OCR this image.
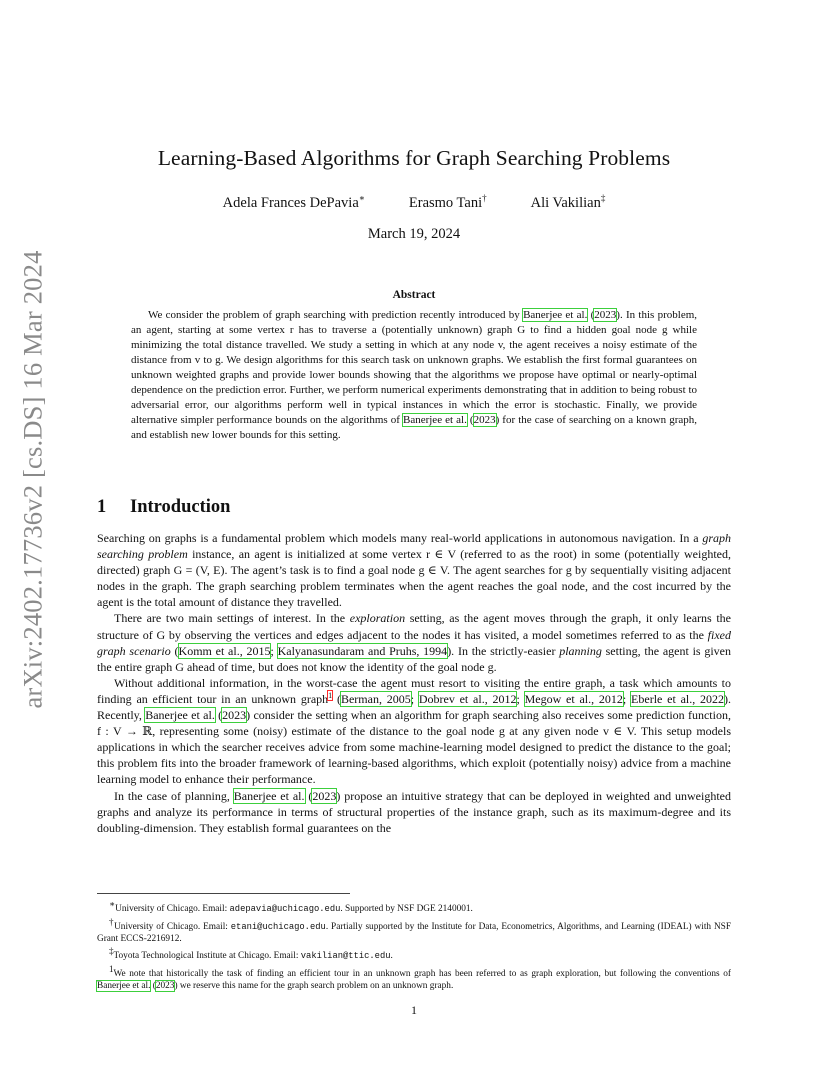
arXiv:2402.17736v2 [cs.DS] 16 Mar 2024
Learning-Based Algorithms for Graph Searching Problems
Adela Frances DePavia∗	Erasmo Tani†	Ali Vakilian‡
March 19, 2024
Abstract

We consider the problem of graph searching with prediction recently introduced by Banerjee et al. (2023). In this problem, an agent, starting at some vertex r has to traverse a (potentially unknown) graph G to find a hidden goal node g while minimizing the total distance travelled. We study a setting in which at any node v, the agent receives a noisy estimate of the distance from v to g. We design algorithms for this search task on unknown graphs. We establish the first formal guarantees on unknown weighted graphs and provide lower bounds showing that the algorithms we propose have optimal or nearly-optimal dependence on the prediction error. Further, we perform numerical experiments demonstrating that in addition to being robust to adversarial error, our algorithms perform well in typical instances in which the error is stochastic. Finally, we provide alternative simpler performance bounds on the algorithms of Banerjee et al. (2023) for the case of searching on a known graph, and establish new lower bounds for this setting.

1 Introduction

Searching on graphs is a fundamental problem which models many real-world applications in autonomous navigation. In a graph searching problem instance, an agent is initialized at some vertex r ∈ V (referred to as the root) in some (potentially weighted, directed) graph G = (V, E). The agent’s task is to find a goal node g ∈ V. The agent searches for g by sequentially visiting adjacent nodes in the graph. The graph searching problem terminates when the agent reaches the goal node, and the cost incurred by the agent is the total amount of distance they travelled.

There are two main settings of interest. In the exploration setting, as the agent moves through the graph, it only learns the structure of G by observing the vertices and edges adjacent to the nodes it has visited, a model sometimes referred to as the fixed graph scenario (Komm et al., 2015; Kalyanasundaram and Pruhs, 1994). In the strictly-easier planning setting, the agent is given the entire graph G ahead of time, but does not know the identity of the goal node g.

Without additional information, in the worst-case the agent must resort to visiting the entire graph, a task which amounts to finding an efficient tour in an unknown graph$^1$ (Berman, 2005; Dobrev et al., 2012; Megow et al., 2012; Eberle et al., 2022). Recently, Banerjee et al. (2023) consider the setting when an algorithm for graph searching also receives some prediction function, f : V → ℝ, representing some (noisy) estimate of the distance to the goal node g at any given node v ∈ V. This setup models applications in which the searcher receives advice from some machine-learning model designed to predict the distance to the goal; this problem fits into the broader framework of learning-based algorithms, which exploit (potentially noisy) advice from a machine learning model to enhance their performance.

In the case of planning, Banerjee et al. (2023) propose an intuitive strategy that can be deployed in weighted and unweighted graphs and analyze its performance in terms of structural properties of the instance graph, such as its maximum-degree and its doubling-dimension. They establish formal guarantees on the

∗University of Chicago. Email: adepavia@uchicago.edu. Supported by NSF DGE 2140001.

†University of Chicago. Email: etani@uchicago.edu. Partially supported by the Institute for Data, Econometrics, Algorithms, and Learning (IDEAL) with NSF Grant ECCS-2216912.

‡Toyota Technological Institute at Chicago. Email: vakilian@ttic.edu.

$^1$We note that historically the task of finding an efficient tour in an unknown graph has been referred to as graph exploration, but following the conventions of Banerjee et al. (2023) we reserve this name for the graph search problem on an unknown graph.

1
